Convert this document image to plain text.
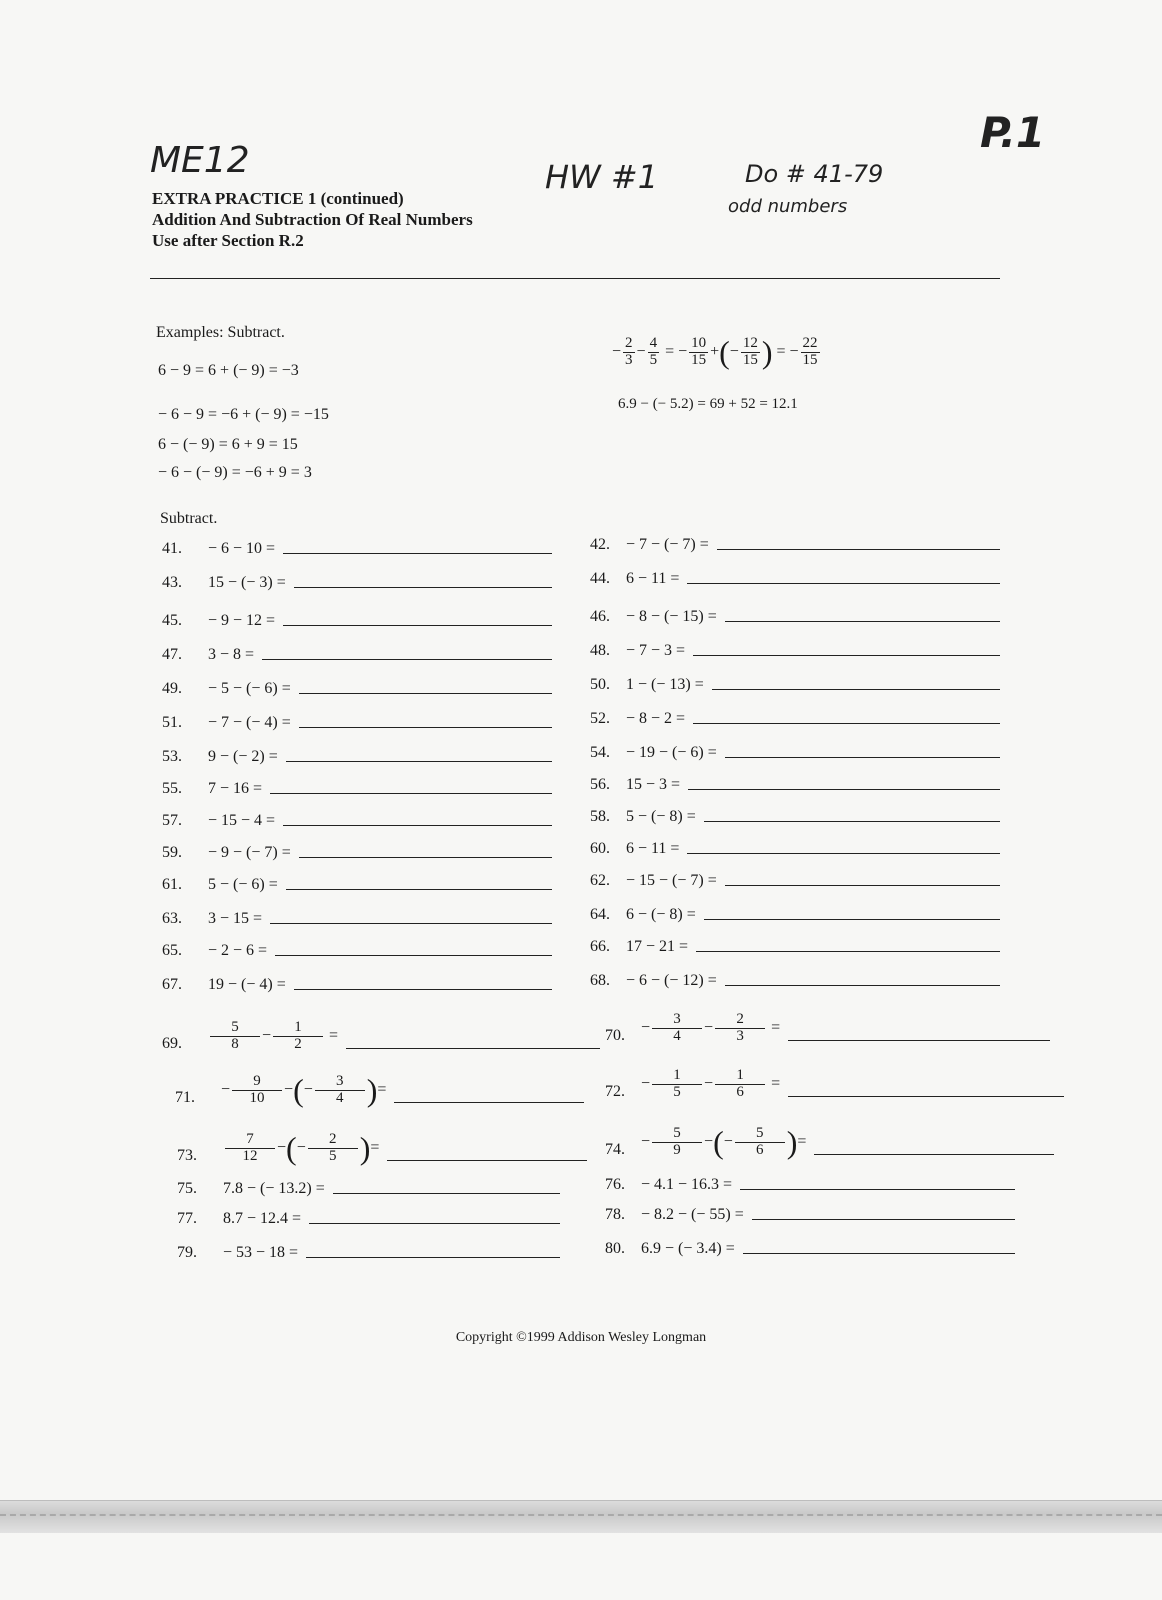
ME12	HW #1	Do # 41-79
odd numbers
P.1
EXTRA PRACTICE 1 (continued)
Addition And Subtraction Of Real Numbers
Use after Section R.2
Examples: Subtract.
6 − 9 = 6 + (− 9) = −3
− 6 − 9 = −6 + (− 9) = −15
6 − (− 9) = 6 + 9 = 15
− 6 − (− 9) = −6 + 9 = 3
− $\frac{2}{3} - \frac{4}{5}$ = − $\frac{10}{15}$ + ( − $\frac{12}{15}$ ) = − $\frac{22}{15}$
6.9 − (− 5.2) = 69 + 52 = 12.1
Subtract.
41.	− 6 − 10 =	42.	− 7 − (− 7) =
43.	15 − (− 3) =	44.	6 − 11 =
45.	− 9 − 12 =	46.	− 8 − (− 15) =
47.	3 − 8 =	48.	− 7 − 3 =
49.	− 5 − (− 6) =	50.	1 − (− 13) =
51.	− 7 − (− 4) =	52.	− 8 − 2 =
53.	9 − (− 2) =	54.	− 19 − (− 6) =
55.	7 − 16 =	56.	15 − 3 =
57.	− 15 − 4 =	58.	5 − (− 8) =
59.	− 9 − (− 7) =	60.	6 − 11 =
61.	5 − (− 6) =	62.	− 15 − (− 7) =
63.	3 − 15 =	64.	6 − (− 8) =
65.	− 2 − 6 =	66.	17 − 21 =
67.	19 − (− 4) =	68.	− 6 − (− 12) =
69.	$\frac{5}{8} - \frac{1}{2}$ =	70.	− $\frac{3}{4} - \frac{2}{3}$ =
71.	− $\frac{9}{10}$ − ( − $\frac{3}{4}$ ) =	72.	− $\frac{1}{5} - \frac{1}{6}$ =
73.	$\frac{7}{12}$ − ( − $\frac{2}{5}$ ) =	74.	− $\frac{5}{9}$ − ( − $\frac{5}{6}$ ) =
75.	7.8 − (− 13.2) =	76.	− 4.1 − 16.3 =
77.	8.7 − 12.4 =	78.	− 8.2 − (− 55) =
79.	− 53 − 18 =	80.	6.9 − (− 3.4) =
Copyright ©1999 Addison Wesley Longman
